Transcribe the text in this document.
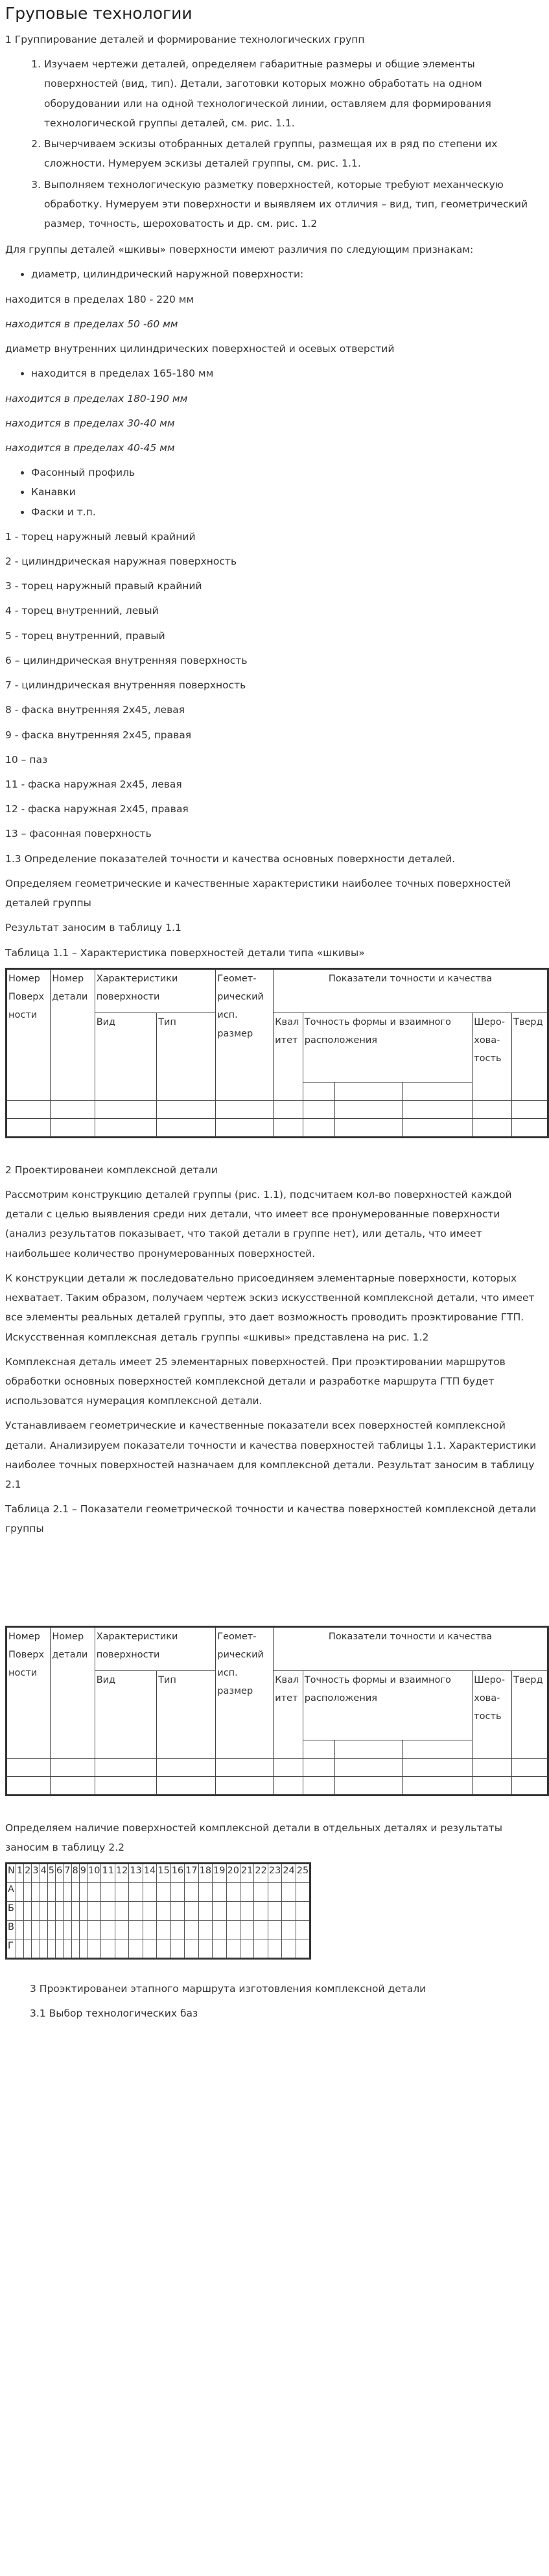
Груповые технологии

1 Группирование деталей и формирование технологических групп

1. Изучаем чертежи деталей, определяем габаритные размеры и общие элементы поверхностей (вид, тип). Детали, заготовки которых можно обработать на одном оборудовании или на одной технологической линии, оставляем для формирования технологической группы деталей, см. рис. 1.1.
2. Вычерчиваем эскизы отобранных деталей группы, размещая их в ряд по степени их сложности. Нумеруем эскизы деталей группы, см. рис. 1.1.
3. Выполняем технологическую разметку поверхностей, которые требуют механческую обработку. Нумеруем эти поверхности и выявляем их отличия – вид, тип, геометрический размер, точность, шероховатость и др. см. рис. 1.2

Для группы деталей «шкивы» поверхности имеют различия по следующим признакам:

• диаметр, цилиндрический наружной поверхности:

находится в пределах 180 - 220 мм

находится в пределах 50 -60 мм

диаметр внутренних цилиндрических поверхностей и осевых отверстий

• находится в пределах 165-180 мм

находится в пределах 180-190 мм

находится в пределах 30-40 мм

находится в пределах 40-45 мм

• Фасонный профиль
• Канавки
• Фаски и т.п.

1 - торец наружный левый крайний

2 - цилиндрическая наружная поверхность

3 - торец наружный правый крайний

4 - торец внутренний, левый

5 - торец внутренний, правый

6 – цилиндрическая внутренняя поверхность

7 - цилиндрическая внутренняя поверхность

8 - фаска внутренняя 2х45, левая

9 - фаска внутренняя 2х45, правая

10 – паз

11 - фаска наружная 2х45, левая

12 - фаска наружная 2х45, правая

13 – фасонная поверхность

1.3 Определение показателей точности и качества основных поверхности деталей.

Определяем геометрические и качественные характеристики наиболее точных поверхностей деталей группы

Результат заносим в таблицу 1.1

Таблица 1.1 – Характеристика поверхностей детали типа «шкивы»

Номер Поверх ности	Номер детали	Характеристики поверхности		Геомет-рический исп. размер	Показатели точности и качества					
		Вид	Тип		Квал итет	Точность формы и взаимного расположения			Шеро-хова-тость	Тверд

2 Проектированеи комплексной детали

Рассмотрим конструкцию деталей группы (рис. 1.1), подсчитаем кол-во поверхностей каждой детали с целью выявления среди них детали, что имеет все пронумерованные поверхности (анализ результатов показывает, что такой детали в группе нет), или деталь, что имеет наибольшее количество пронумерованных поверхностей.

К конструкции детали ж последовательно присоединяем элементарные поверхности, которых нехватает. Таким образом, получаем чертеж эскиз искусственной комплексной детали, что имеет все элементы реальных деталей группы, это дает возможность проводить проэктирование ГТП. Искусственная комплексная деталь группы «шкивы» представлена на рис. 1.2

Комплексная деталь имеет 25 элементарных поверхностей. При проэктировании маршрутов обработки основных поверхностей комплексной детали и разработке маршрута ГТП будет использоватся нумерация комплексной детали.

Устанавливаем геометрические и качественные показатели всех поверхностей комплексной детали. Анализируем показатели точности и качества поверхностей таблицы 1.1. Характеристики наиболее точных поверхностей назначаем для комплексной детали. Результат заносим в таблицу 2.1

Таблица 2.1 – Показатели геометрической точности и качества поверхностей комплексной детали группы

Номер Поверх ности	Номер детали	Характеристики поверхности		Геомет-рический исп. размер	Показатели точности и качества					
		Вид	Тип		Квал итет	Точность формы и взаимного расположения			Шеро-хова-тость	Тверд

Определяем наличие поверхностей комплексной детали в отдельных деталях и результаты заносим в таблицу 2.2

N	1	2	3	4	5	6	7	8	9	10	11	12	13	14	15	16	17	18	19	20	21	22	23	24	25
А																									
Б																									
В																									
Г																									

3 Проэктированеи этапного маршрута изготовления комплексной детали

3.1 Выбор технологических баз
